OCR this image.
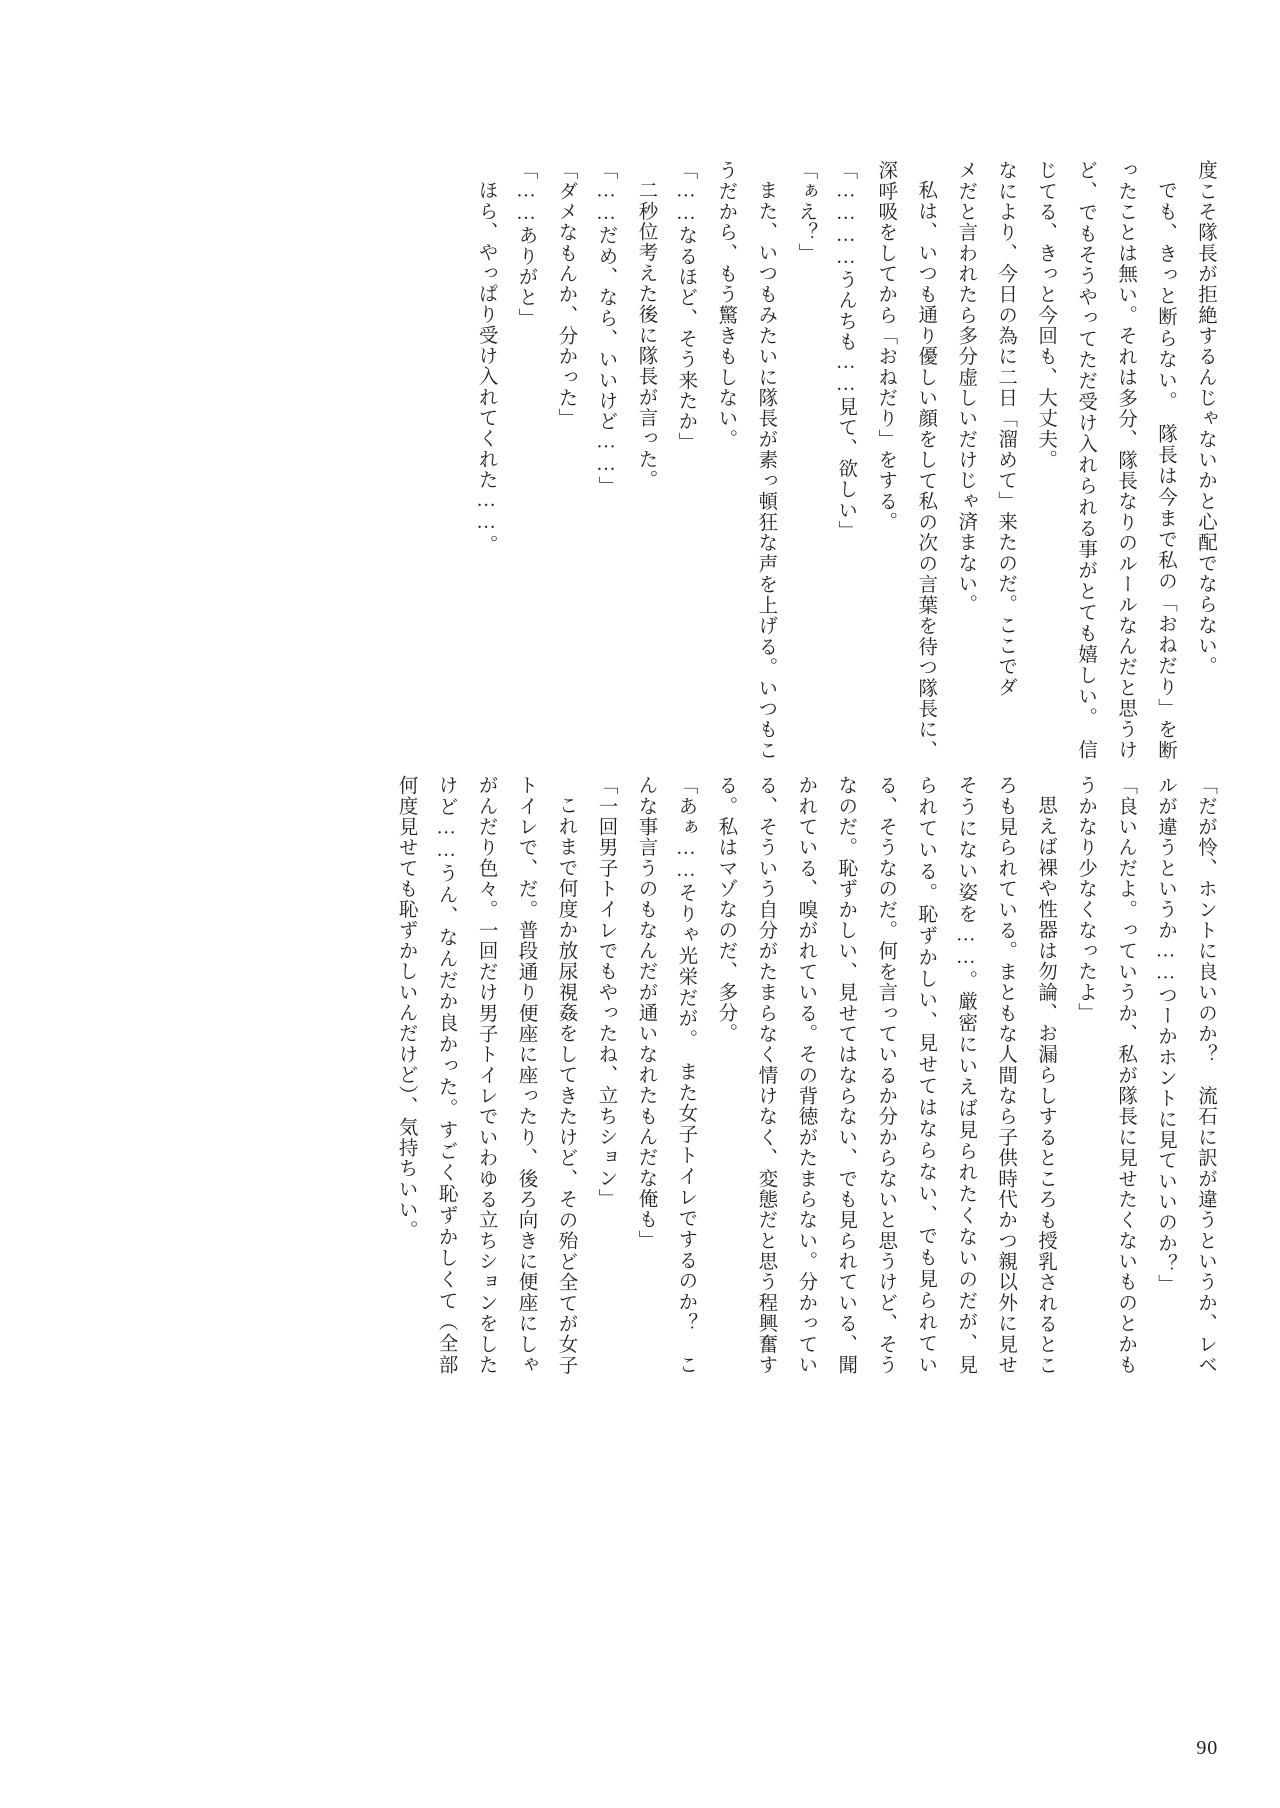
度こそ隊長が拒絶するんじゃないかと心配でならない。

でも、きっと断らない。　隊長は今まで私の「おねだり」を断ったことは無い。それは多分、隊長なりのルールなんだと思うけど、でもそうやってただ受け入れられる事がとても嬉しい。　信じてる、きっと今回も、大丈夫。

なにより、今日の為に二日「溜めて」来たのだ。ここでダ

メだと言われたら多分虚しいだけじゃ済まない。

私は、いつも通り優しい顔をして私の次の言葉を待つ隊長に、深呼吸をしてから「おねだり」をする。

「…………うんちも……見て、欲しい」

「ぁえ？」

また、いつもみたいに隊長が素っ頓狂な声を上げる。いつもこうだから、もう驚きもしない。

「……なるほど、そう来たか」

二秒位考えた後に隊長が言った。

「……だめ、なら、いいけど……」

「ダメなもんか、分かった」

「……ありがと」

ほら、やっぱり受け入れてくれた……。

「だが怜、ホントに良いのか？　流石に訳が違うというか、レベルが違うというか……つーかホントに見ていいのか？」

「良いんだよ。っていうか、私が隊長に見せたくないものとかもうかなり少なくなったよ」

思えば裸や性器は勿論、お漏らしするところも授乳されるところも見られている。まともな人間なら子供時代かつ親以外に見せそうにない姿を……。厳密にいえば見られたくないのだが、見られている。恥ずかしい、見せてはならない、でも見られている、そうなのだ。何を言っているか分からないと思うけど、そうなのだ。恥ずかしい、見せてはならない、でも見られている、聞かれている、嗅がれている。その背徳がたまらない。分かっている、そういう自分がたまらなく情けなく、変態だと思う程興奮する。私はマゾなのだ、多分。

「あぁ……そりゃ光栄だが。　また女子トイレでするのか？　こんな事言うのもなんだが通いなれたもんだな俺も」

「一回男子トイレでもやったね、立ちション」

これまで何度か放尿視姦をしてきたけど、その殆ど全てが女子トイレで、だ。普段通り便座に座ったり、後ろ向きに便座にしゃがんだり色々。一回だけ男子トイレでいわゆる立ちションをしたけど……うん、なんだか良かった。すごく恥ずかしくて（全部何度見せても恥ずかしいんだけど）、気持ちいい。

90
